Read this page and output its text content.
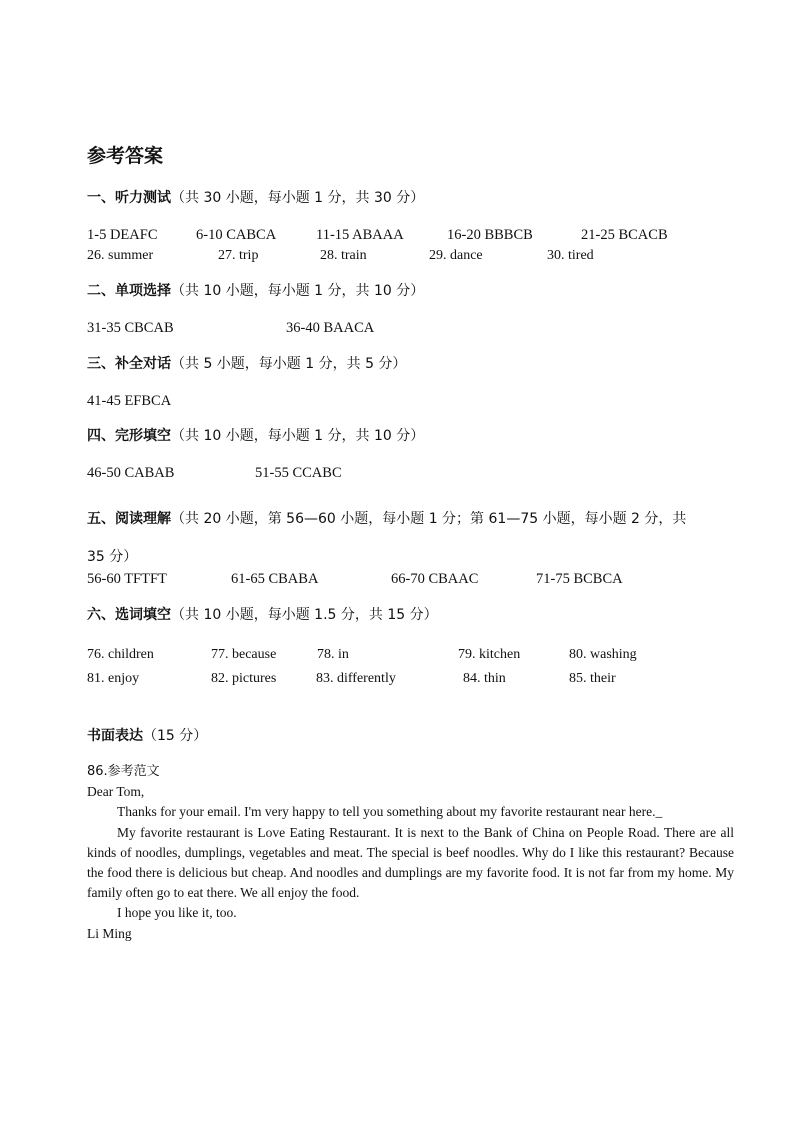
参考答案
一、听力测试（共 30 小题，每小题 1 分，共 30 分）
1-5 DEAFC	6-10 CABCA	11-15 ABAAA	16-20 BBBCB	21-25 BCACB
26. summer	27. trip	28. train	29. dance	30. tired
二、单项选择（共 10 小题，每小题 1 分，共 10 分）
31-35 CBCAB	36-40 BAACA
三、补全对话（共 5 小题，每小题 1 分，共 5 分）
41-45 EFBCA
四、完形填空（共 10 小题，每小题 1 分，共 10 分）
46-50 CABAB	51-55 CCABC
五、阅读理解（共 20 小题，第 56—60 小题，每小题 1 分；第 61—75 小题，每小题 2 分，共
35 分）
56-60 TFTFT	61-65 CBABA	66-70 CBAAC	71-75 BCBCA
六、选词填空（共 10 小题，每小题 1.5 分，共 15 分）
76. children	77. because	78. in	79. kitchen	80. washing
81. enjoy	82. pictures	83. differently	84. thin	85. their
书面表达（15 分）

86.参考范文

Dear Tom,

Thanks for your email. I'm very happy to tell you something about my favorite restaurant near here._

My favorite restaurant is Love Eating Restaurant. It is next to the Bank of China on People Road. There are all kinds of noodles, dumplings, vegetables and meat. The special is beef noodles. Why do I like this restaurant? Because the food there is delicious but cheap. And noodles and dumplings are my favorite food. It is not far from my home. My family often go to eat there. We all enjoy the food.

I hope you like it, too.

Li Ming
